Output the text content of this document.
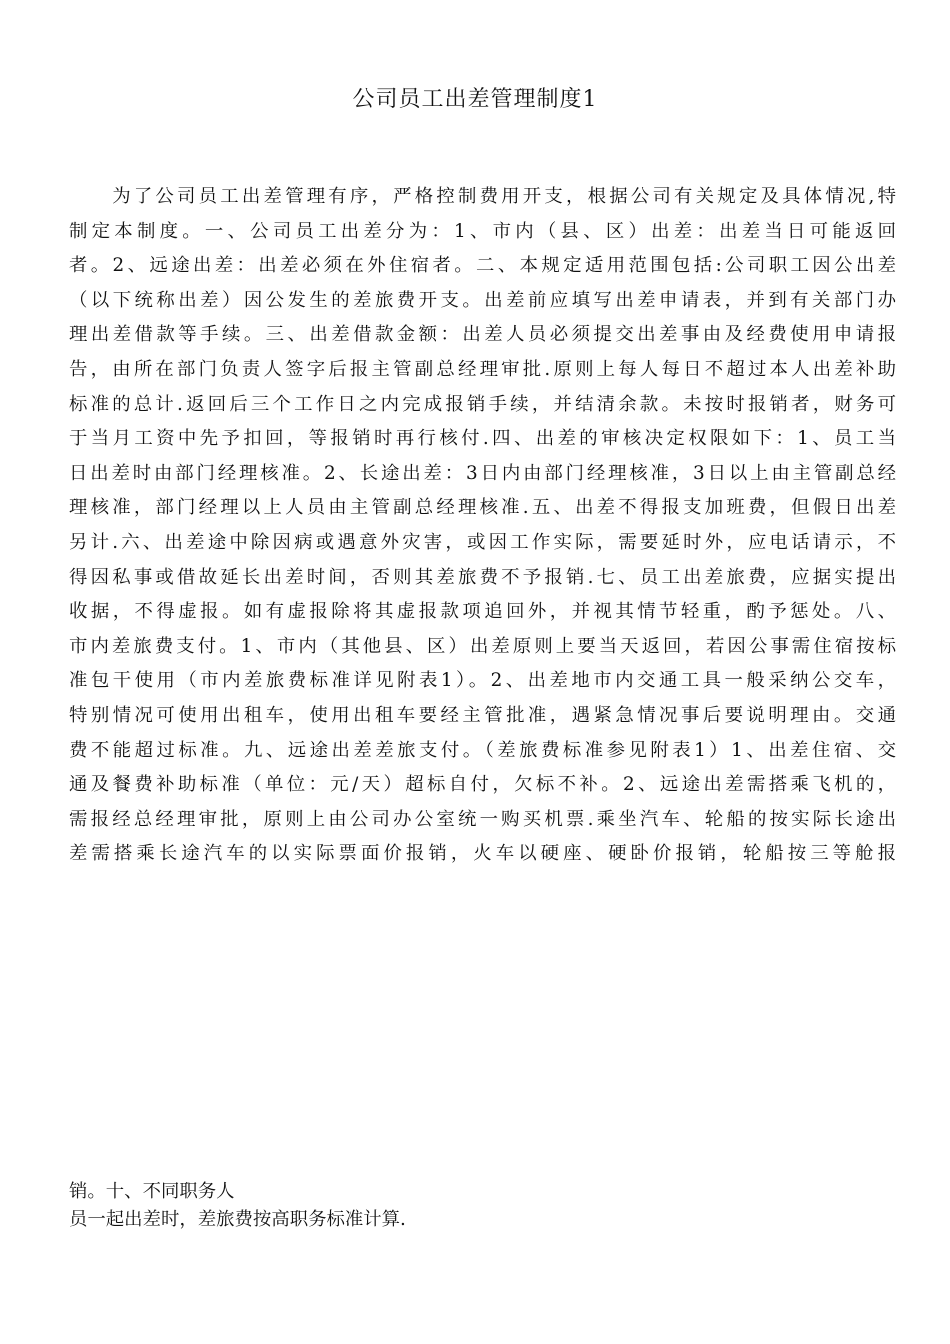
公司员工出差管理制度1
为了公司员工出差管理有序，严格控制费用开支，根据公司有关规定及具体情况,特
制定本制度。一、公司员工出差分为：1、市内（县、区）出差：出差当日可能返回
者。2、远途出差：出差必须在外住宿者。二、本规定适用范围包括:公司职工因公出差
（以下统称出差）因公发生的差旅费开支。出差前应填写出差申请表，并到有关部门办
理出差借款等手续。三、出差借款金额：出差人员必须提交出差事由及经费使用申请报
告，由所在部门负责人签字后报主管副总经理审批.原则上每人每日不超过本人出差补助
标准的总计.返回后三个工作日之内完成报销手续，并结清余款。未按时报销者，财务可
于当月工资中先予扣回，等报销时再行核付.四、出差的审核决定权限如下：1、员工当
日出差时由部门经理核准。2、长途出差：3日内由部门经理核准，3日以上由主管副总经
理核准，部门经理以上人员由主管副总经理核准.五、出差不得报支加班费，但假日出差
另计.六、出差途中除因病或遇意外灾害，或因工作实际，需要延时外，应电话请示，不
得因私事或借故延长出差时间，否则其差旅费不予报销.七、员工出差旅费，应据实提出
收据，不得虚报。如有虚报除将其虚报款项追回外，并视其情节轻重，酌予惩处。八、
市内差旅费支付。1、市内（其他县、区）出差原则上要当天返回，若因公事需住宿按标
准包干使用（市内差旅费标准详见附表1）。2、出差地市内交通工具一般采纳公交车，
特别情况可使用出租车，使用出租车要经主管批准，遇紧急情况事后要说明理由。交通
费不能超过标准。九、远途出差差旅支付。（差旅费标准参见附表1）1、出差住宿、交
通及餐费补助标准（单位：元/天）超标自付，欠标不补。2、远途出差需搭乘飞机的，
需报经总经理审批，原则上由公司办公室统一购买机票.乘坐汽车、轮船的按实际长途出
差需搭乘长途汽车的以实际票面价报销，火车以硬座、硬卧价报销，轮船按三等舱报

销。十、不同职务人

员一起出差时，差旅费按高职务标准计算.
